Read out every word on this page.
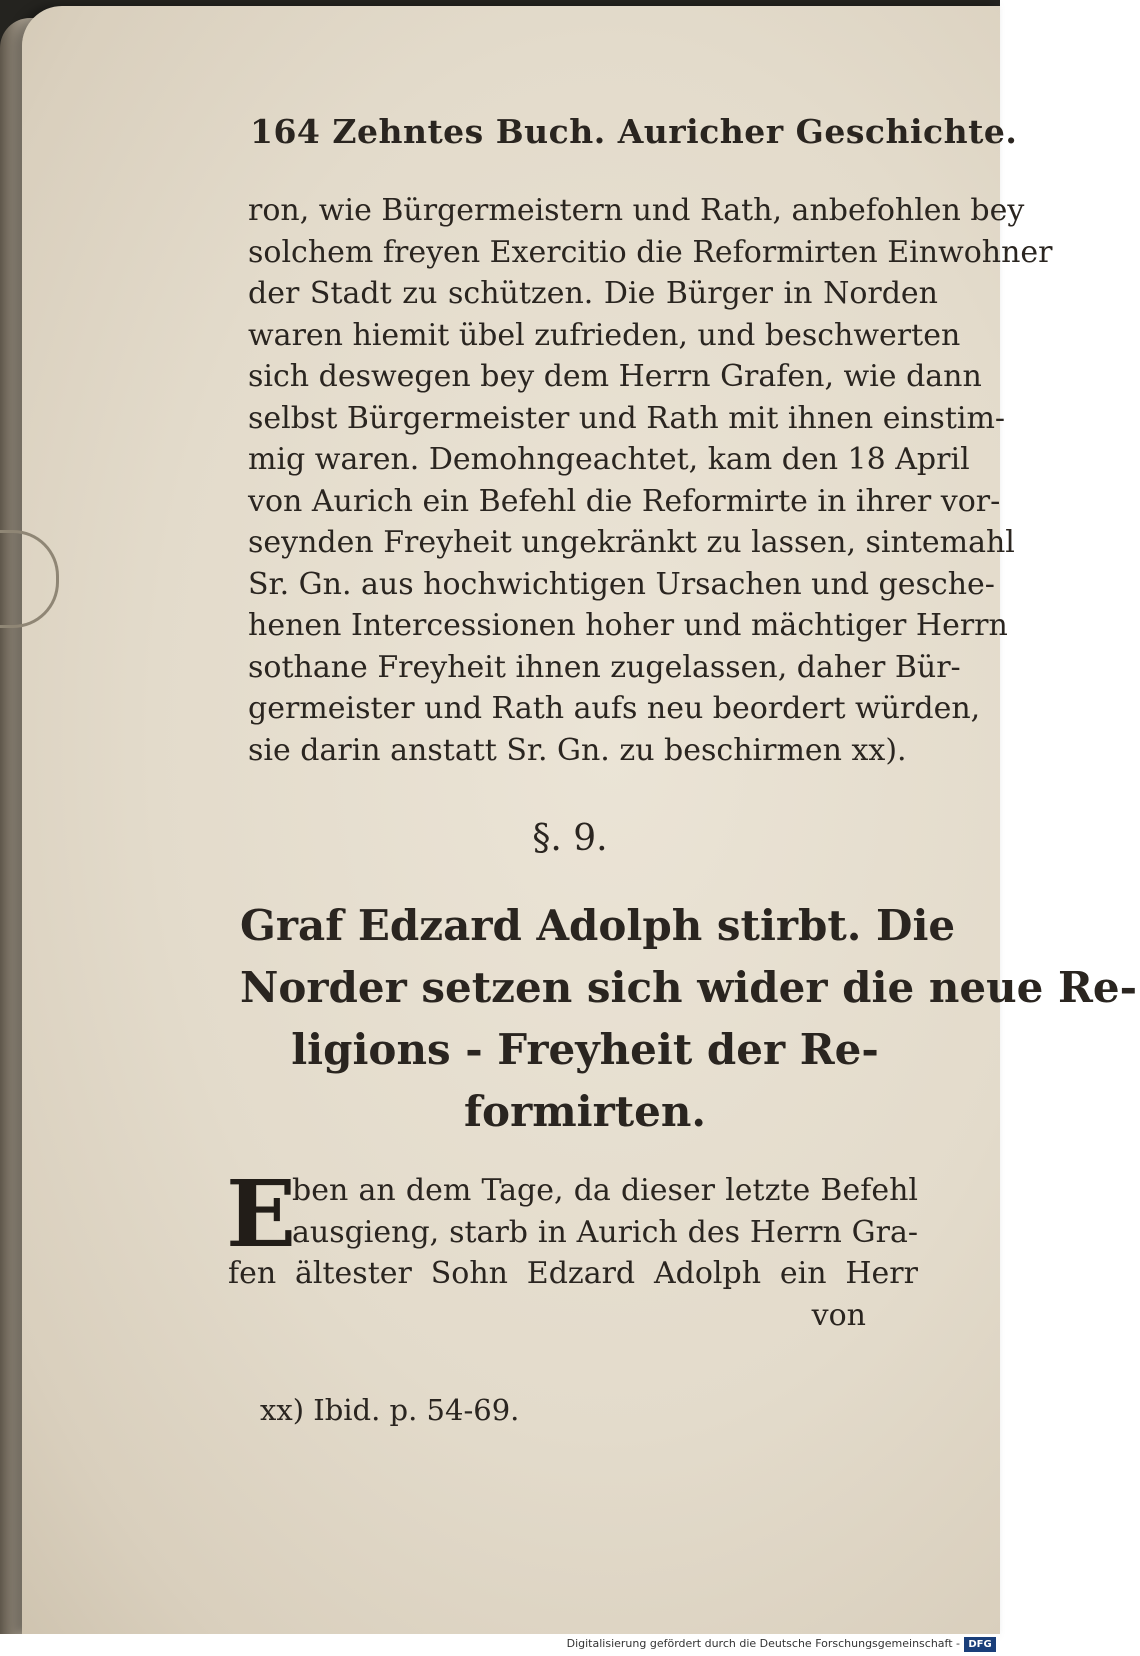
164 Zehntes Buch. Auricher Geschichte.
ron, wie Bürgermeistern und Rath, anbefohlen bey
solchem freyen Exercitio die Reformirten Einwohner
der Stadt zu schützen. Die Bürger in Norden
waren hiemit übel zufrieden, und beschwerten
sich deswegen bey dem Herrn Grafen, wie dann
selbst Bürgermeister und Rath mit ihnen einstim-
mig waren. Demohngeachtet, kam den 18 April
von Aurich ein Befehl die Reformirte in ihrer vor-
seynden Freyheit ungekränkt zu lassen, sintemahl
Sr. Gn. aus hochwichtigen Ursachen und gesche-
henen Intercessionen hoher und mächtiger Herrn
sothane Freyheit ihnen zugelassen, daher Bür-
germeister und Rath aufs neu beordert würden,
sie darin anstatt Sr. Gn. zu beschirmen xx).
§. 9.
Graf Edzard Adolph stirbt. Die
Norder setzen sich wider die neue Re-
ligions - Freyheit der Re-
formirten.
E
ben an dem Tage, da dieser letzte Befehl
ausgieng, starb in Aurich des Herrn Gra-
fen ältester Sohn Edzard Adolph ein Herr
von
xx) Ibid. p. 54-69.
Digitalisierung gefördert durch die Deutsche Forschungsgemeinschaft - DFG
